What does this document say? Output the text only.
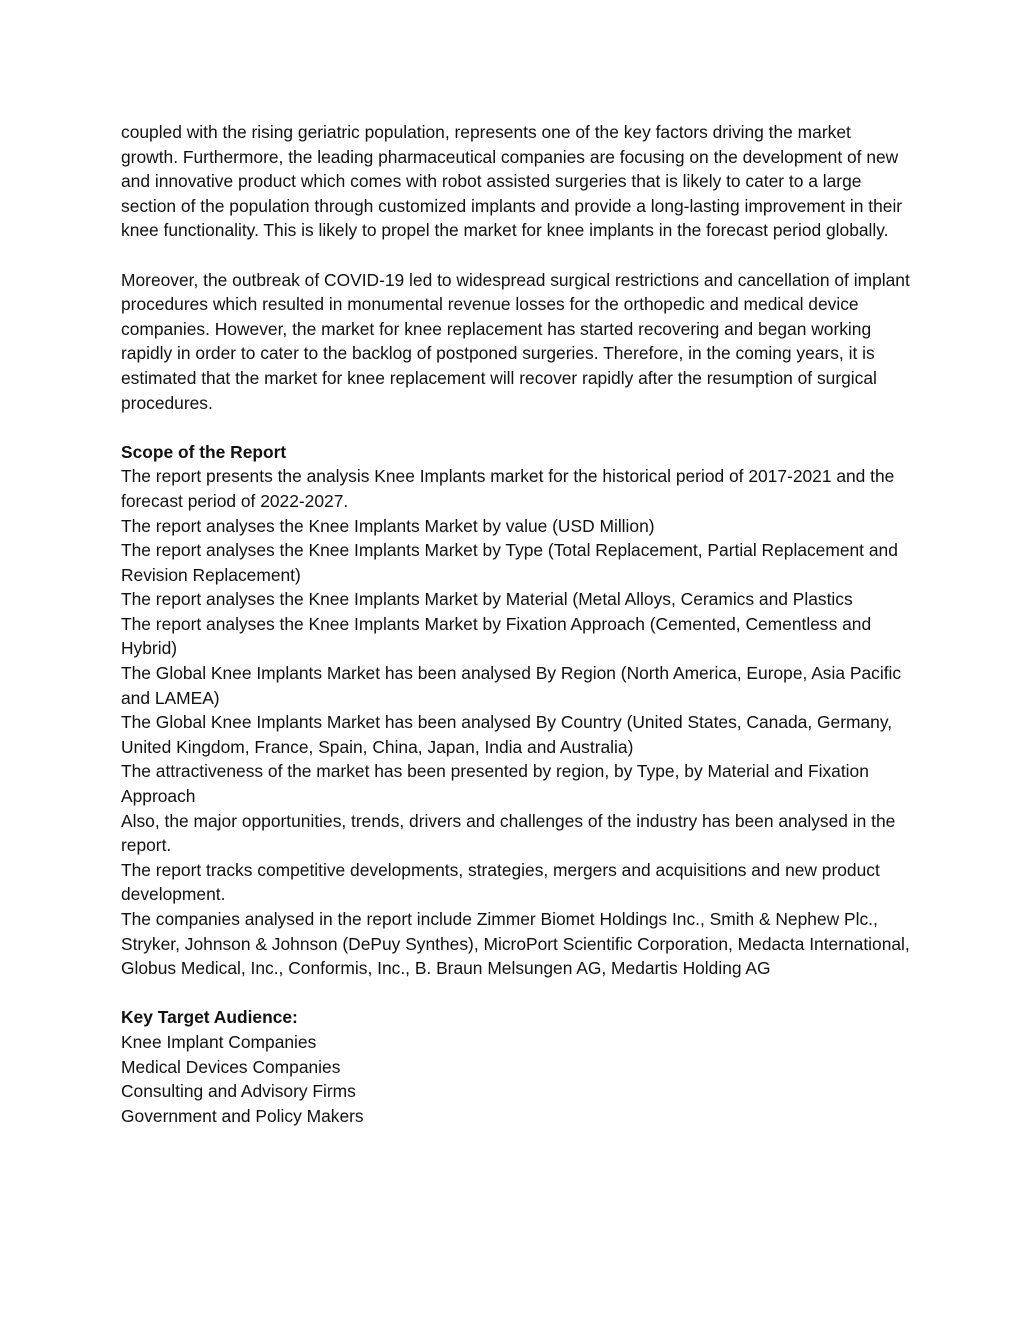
coupled with the rising geriatric population, represents one of the key factors driving the market growth. Furthermore, the leading pharmaceutical companies are focusing on the development of new and innovative product which comes with robot assisted surgeries that is likely to cater to a large section of the population through customized implants and provide a long-lasting improvement in their knee functionality. This is likely to propel the market for knee implants in the forecast period globally.

Moreover, the outbreak of COVID-19 led to widespread surgical restrictions and cancellation of implant procedures which resulted in monumental revenue losses for the orthopedic and medical device companies. However, the market for knee replacement has started recovering and began working rapidly in order to cater to the backlog of postponed surgeries. Therefore, in the coming years, it is estimated that the market for knee replacement will recover rapidly after the resumption of surgical procedures.

Scope of the Report

The report presents the analysis Knee Implants market for the historical period of 2017-2021 and the forecast period of 2022-2027.

The report analyses the Knee Implants Market by value (USD Million)

The report analyses the Knee Implants Market by Type (Total Replacement, Partial Replacement and Revision Replacement)

The report analyses the Knee Implants Market by Material (Metal Alloys, Ceramics and Plastics

The report analyses the Knee Implants Market by Fixation Approach (Cemented, Cementless and Hybrid)

The Global Knee Implants Market has been analysed By Region (North America, Europe, Asia Pacific and LAMEA)

The Global Knee Implants Market has been analysed By Country (United States, Canada, Germany, United Kingdom, France, Spain, China, Japan, India and Australia)

The attractiveness of the market has been presented by region, by Type, by Material and Fixation Approach

Also, the major opportunities, trends, drivers and challenges of the industry has been analysed in the report.

The report tracks competitive developments, strategies, mergers and acquisitions and new product development.

The companies analysed in the report include Zimmer Biomet Holdings Inc., Smith & Nephew Plc., Stryker, Johnson & Johnson (DePuy Synthes), MicroPort Scientific Corporation, Medacta International, Globus Medical, Inc., Conformis, Inc., B. Braun Melsungen AG, Medartis Holding AG

Key Target Audience:

Knee Implant Companies

Medical Devices Companies

Consulting and Advisory Firms

Government and Policy Makers
